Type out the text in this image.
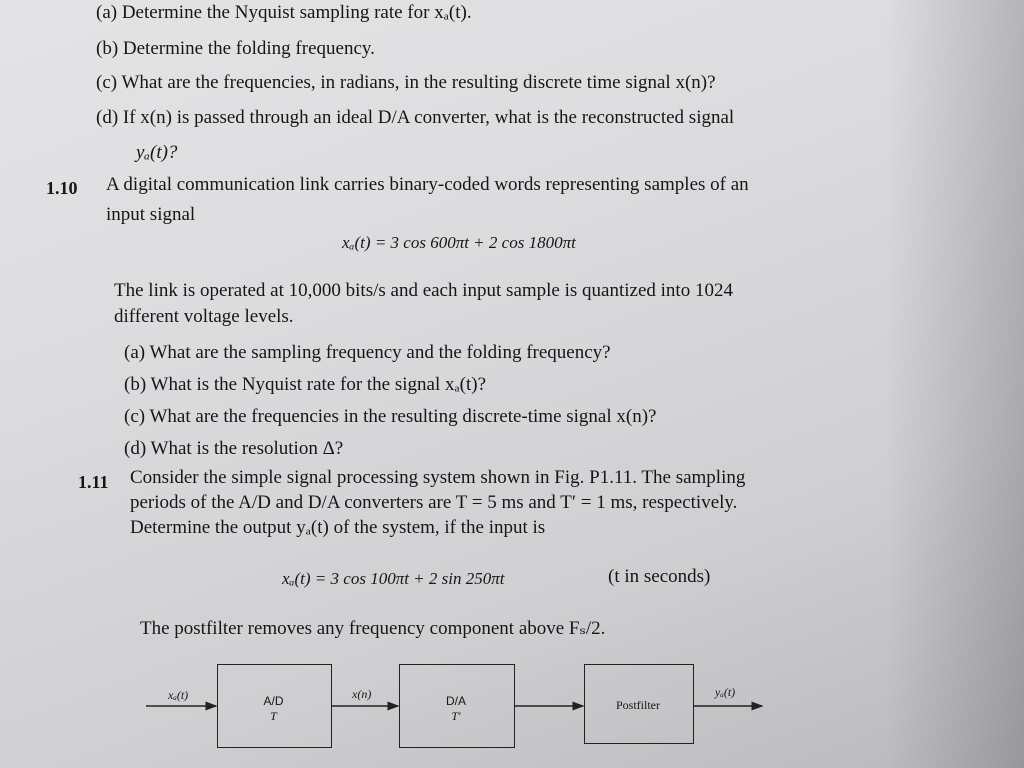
(a) Determine the Nyquist sampling rate for xₐ(t).
(b) Determine the folding frequency.
(c) What are the frequencies, in radians, in the resulting discrete time signal x(n)?
(d) If x(n) is passed through an ideal D/A converter, what is the reconstructed signal
yₐ(t)?
1.10 A digital communication link carries binary-coded words representing samples of an
input signal
xₐ(t) = 3 cos 600πt + 2 cos 1800πt
The link is operated at 10,000 bits/s and each input sample is quantized into 1024
different voltage levels.
(a) What are the sampling frequency and the folding frequency?
(b) What is the Nyquist rate for the signal xₐ(t)?
(c) What are the frequencies in the resulting discrete-time signal x(n)?
(d) What is the resolution Δ?
1.11 Consider the simple signal processing system shown in Fig. P1.11. The sampling
periods of the A/D and D/A converters are T = 5 ms and T′ = 1 ms, respectively.
Determine the output yₐ(t) of the system, if the input is
xₐ(t) = 3 cos 100πt + 2 sin 250πt	(t in seconds)
The postfilter removes any frequency component above Fₛ/2.
xₐ(t)	A/D
T
x(n)	D/A
T′
Postfilter
yₐ(t)
